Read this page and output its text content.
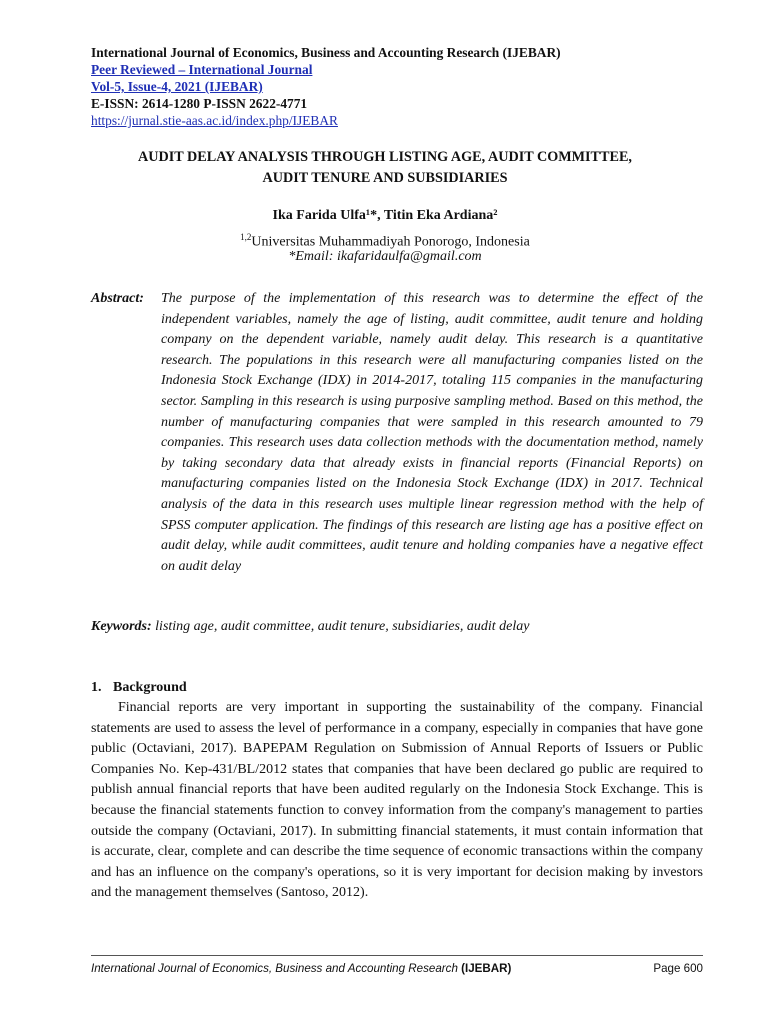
International Journal of Economics, Business and Accounting Research (IJEBAR)
Peer Reviewed – International Journal
Vol-5, Issue-4, 2021 (IJEBAR)
E-ISSN: 2614-1280 P-ISSN 2622-4771
https://jurnal.stie-aas.ac.id/index.php/IJEBAR
AUDIT DELAY ANALYSIS THROUGH LISTING AGE, AUDIT COMMITTEE,
AUDIT TENURE AND SUBSIDIARIES
Ika Farida Ulfa¹*, Titin Eka Ardiana²
$^{1,2}$Universitas Muhammadiyah Ponorogo, Indonesia
*Email: ikafaridaulfa@gmail.com
Abstract: The purpose of the implementation of this research was to determine the effect of the independent variables, namely the age of listing, audit committee, audit tenure and holding company on the dependent variable, namely audit delay. This research is a quantitative research. The populations in this research were all manufacturing companies listed on the Indonesia Stock Exchange (IDX) in 2014-2017, totaling 115 companies in the manufacturing sector. Sampling in this research is using purposive sampling method. Based on this method, the number of manufacturing companies that were sampled in this research amounted to 79 companies. This research uses data collection methods with the documentation method, namely by taking secondary data that already exists in financial reports (Financial Reports) on manufacturing companies listed on the Indonesia Stock Exchange (IDX) in 2017. Technical analysis of the data in this research uses multiple linear regression method with the help of SPSS computer application. The findings of this research are listing age has a positive effect on audit delay, while audit committees, audit tenure and holding companies have a negative effect on audit delay
Keywords: listing age, audit committee, audit tenure, subsidiaries, audit delay
1. Background
Financial reports are very important in supporting the sustainability of the company. Financial statements are used to assess the level of performance in a company, especially in companies that have gone public (Octaviani, 2017). BAPEPAM Regulation on Submission of Annual Reports of Issuers or Public Companies No. Kep-431/BL/2012 states that companies that have been declared go public are required to publish annual financial reports that have been audited regularly on the Indonesia Stock Exchange. This is because the financial statements function to convey information from the company's management to parties outside the company (Octaviani, 2017). In submitting financial statements, it must contain information that is accurate, clear, complete and can describe the time sequence of economic transactions within the company and has an influence on the company's operations, so it is very important for decision making by investors and the management themselves (Santoso, 2012).
International Journal of Economics, Business and Accounting Research (IJEBAR)	Page 600
